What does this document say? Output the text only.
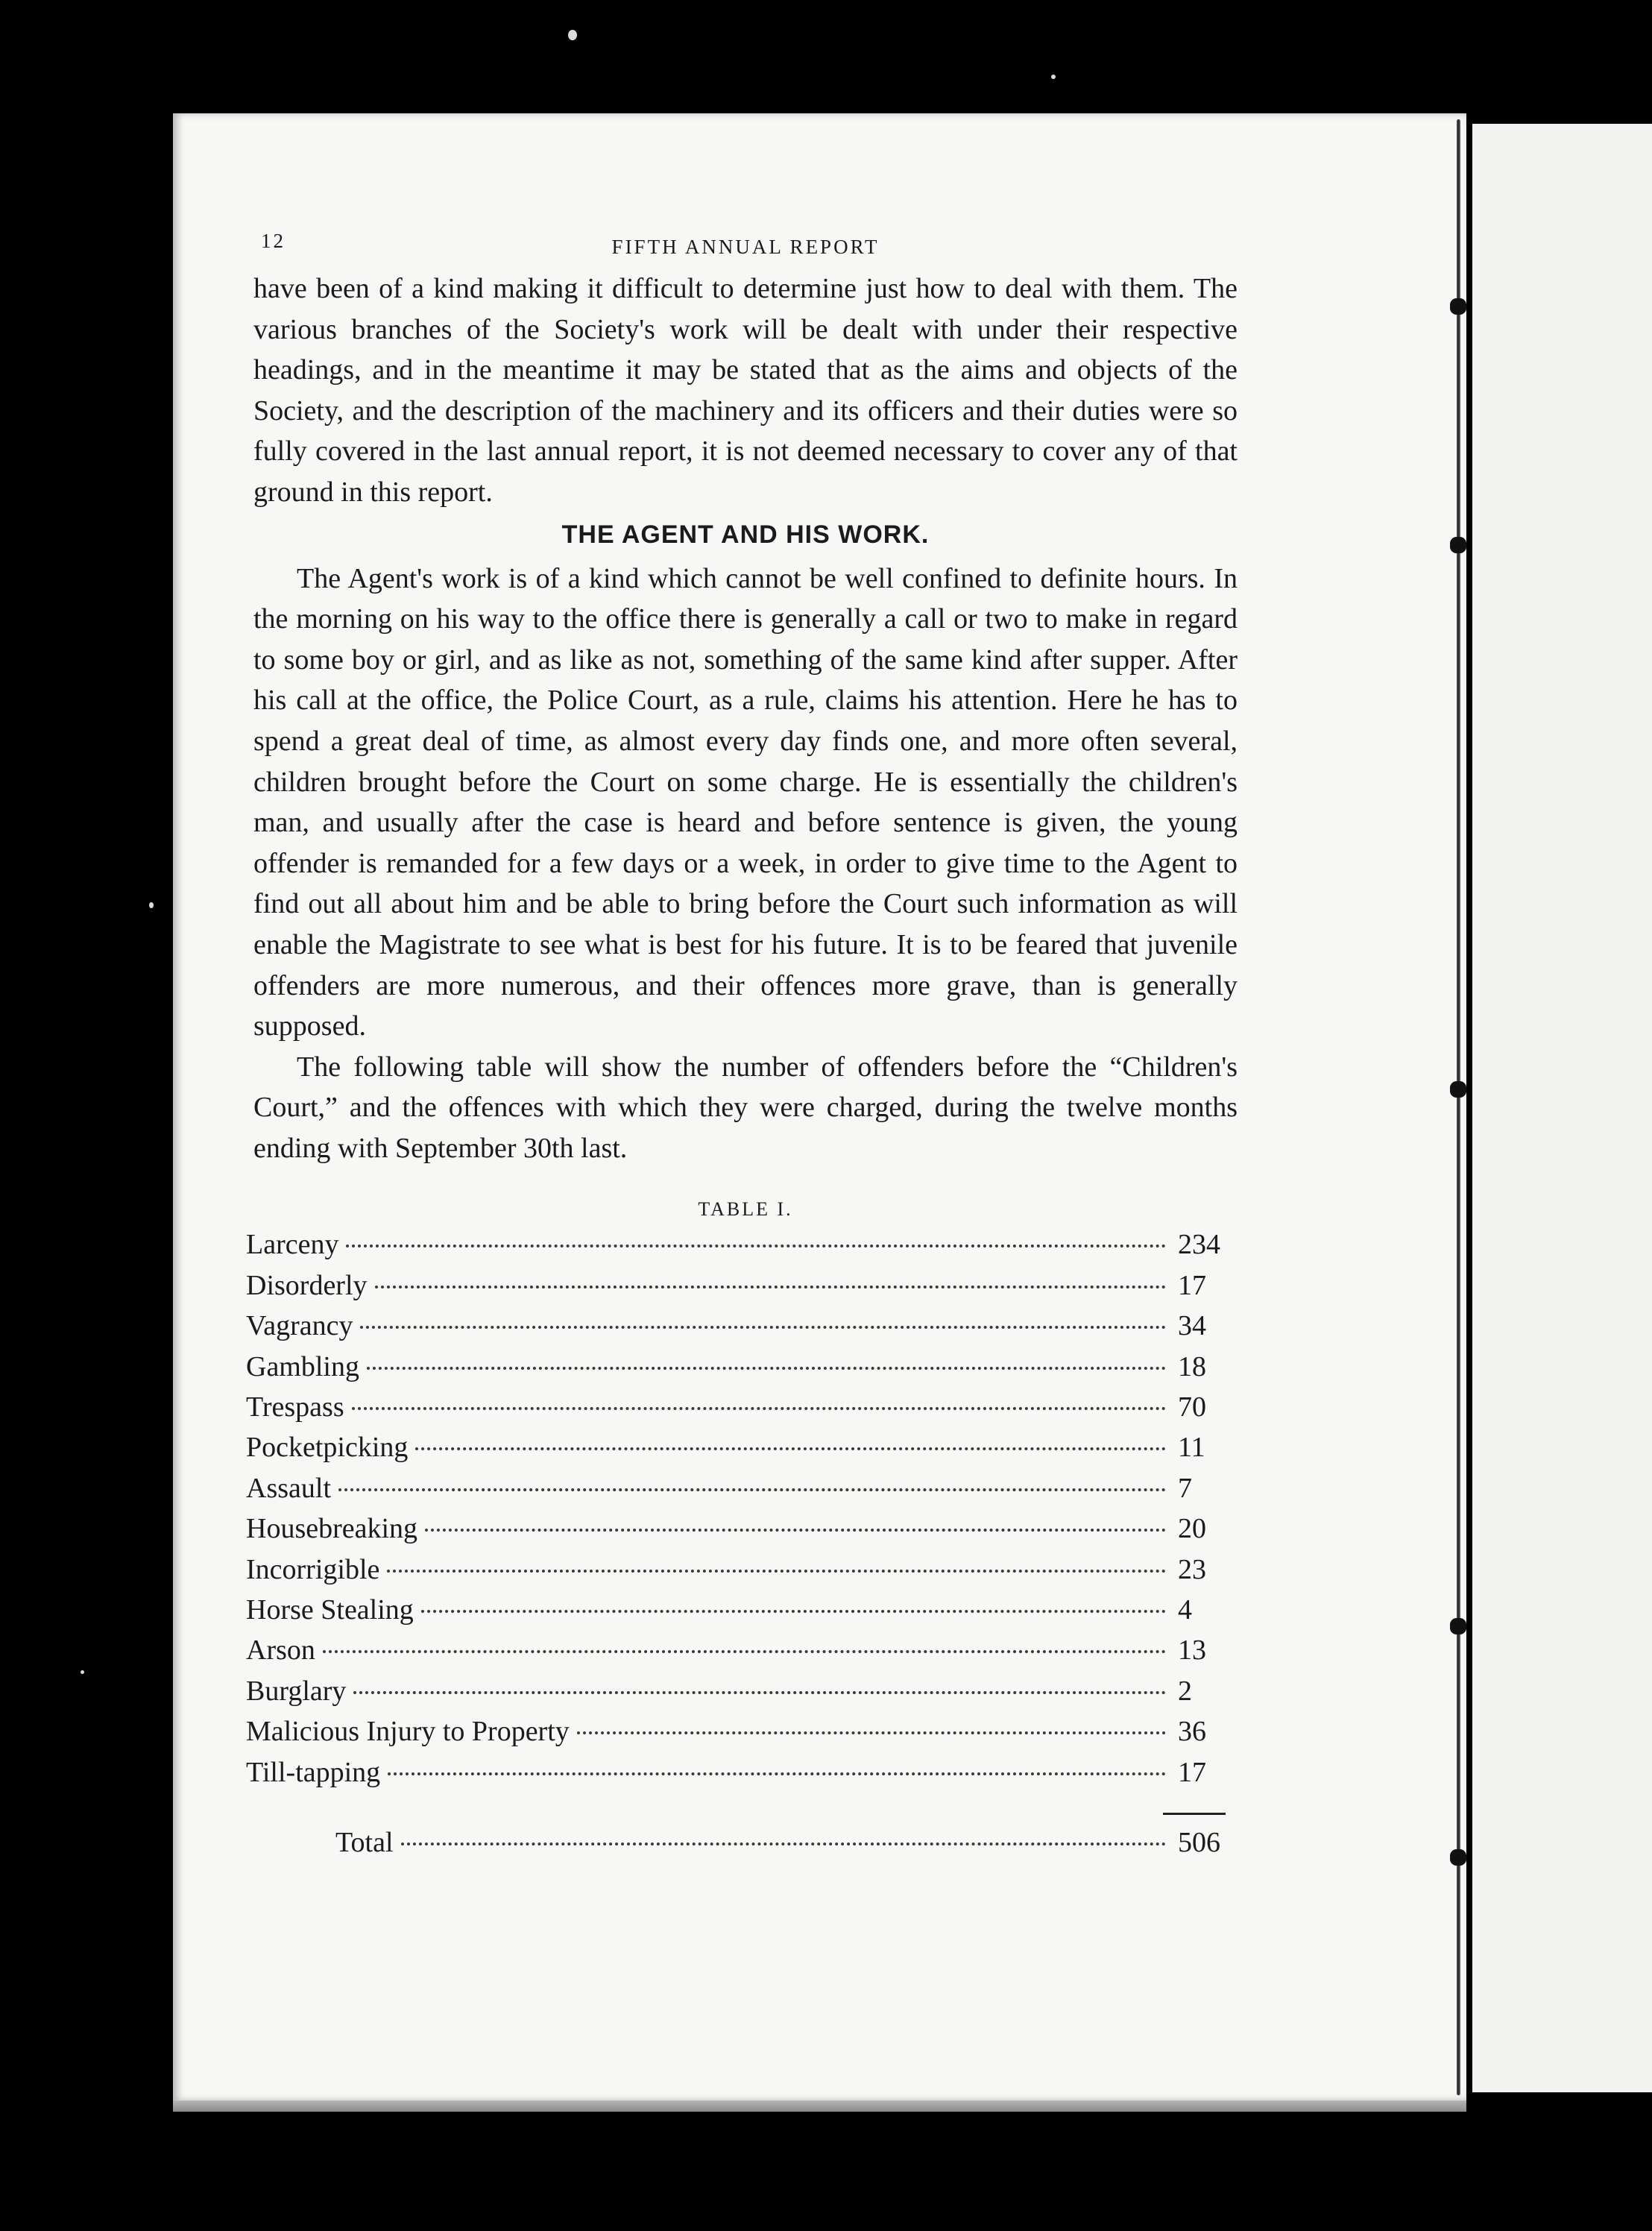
12	FIFTH ANNUAL REPORT

have been of a kind making it difficult to determine just how to deal with them. The various branches of the Society's work will be dealt with under their respective headings, and in the meantime it may be stated that as the aims and objects of the Society, and the description of the machinery and its officers and their duties were so fully covered in the last annual report, it is not deemed necessary to cover any of that ground in this report.

THE AGENT AND HIS WORK.

The Agent's work is of a kind which cannot be well confined to definite hours. In the morning on his way to the office there is generally a call or two to make in regard to some boy or girl, and as like as not, something of the same kind after supper. After his call at the office, the Police Court, as a rule, claims his attention. Here he has to spend a great deal of time, as almost every day finds one, and more often several, children brought before the Court on some charge. He is essentially the children's man, and usually after the case is heard and before sentence is given, the young offender is remanded for a few days or a week, in order to give time to the Agent to find out all about him and be able to bring before the Court such information as will enable the Magistrate to see what is best for his future. It is to be feared that juvenile offenders are more numerous, and their offences more grave, than is generally supposed.

The following table will show the number of offenders before the “Children's Court,” and the offences with which they were charged, during the twelve months ending with September 30th last.

TABLE I.
Larceny	234
Disorderly	17
Vagrancy	34
Gambling	18
Trespass	70
Pocketpicking	11
Assault	7
Housebreaking	20
Incorrigible	23
Horse Stealing	4
Arson	13
Burglary	2
Malicious Injury to Property	36
Till-tapping	17
Total	506
